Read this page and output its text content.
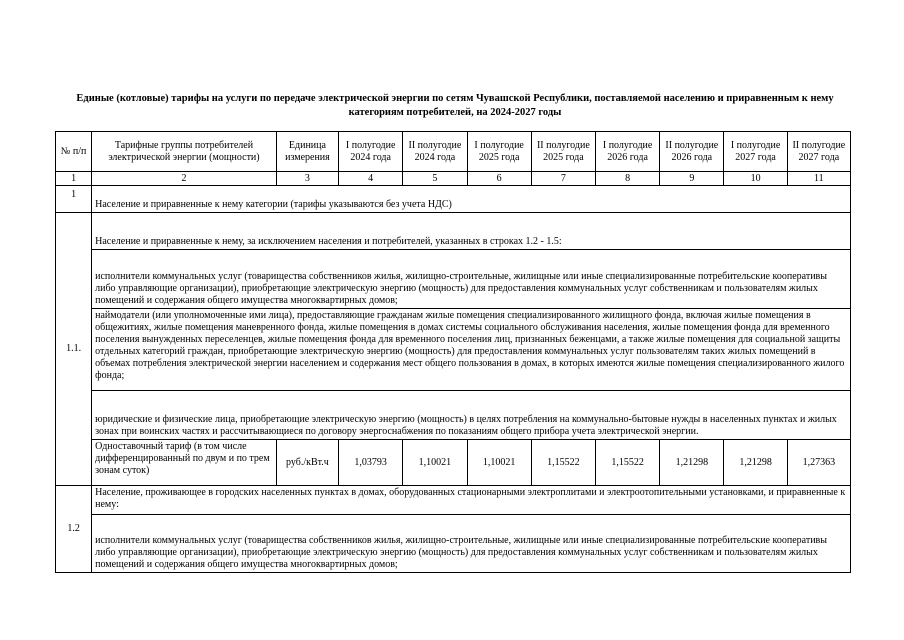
Единые (котловые) тарифы на услуги по передаче электрической энергии по сетям Чувашской Республики, поставляемой населению и приравненным к нему категориям потребителей, на 2024-2027 годы
№ п/п	Тарифные группы потребителей электрической энергии (мощности)	Единица измерения	I полугодие 2024 года	II полугодие 2024 года	I полугодие 2025 года	II полугодие 2025 года	I полугодие 2026 года	II полугодие 2026 года	I полугодие 2027 года	II полугодие 2027 года
1	2	3	4	5	6	7	8	9	10	11
1	Население и приравненные к нему категории (тарифы указываются без учета НДС)									
1.1.	Население и приравненные к нему, за исключением населения и потребителей, указанных в строках 1.2 - 1.5:									
	исполнители коммунальных услуг (товарищества собственников жилья, жилищно-строительные, жилищные или иные специализированные потребительские кооперативы либо управляющие организации), приобретающие электрическую энергию (мощность) для предоставления коммунальных услуг собственникам и пользователям жилых помещений и содержания общего имущества многоквартирных домов;									
	наймодатели (или уполномоченные ими лица), предоставляющие гражданам жилые помещения специализированного жилищного фонда, включая жилые помещения в общежитиях, жилые помещения маневренного фонда, жилые помещения в домах системы социального обслуживания населения, жилые помещения фонда для временного поселения вынужденных переселенцев, жилые помещения фонда для временного поселения лиц, признанных беженцами, а также жилые помещения для социальной защиты отдельных категорий граждан, приобретающие электрическую энергию (мощность) для предоставления коммунальных услуг пользователям таких жилых помещений в объемах потребления электрической энергии населением и содержания мест общего пользования в домах, в которых имеются жилые помещения специализированного жилого фонда;									
	юридические и физические лица, приобретающие электрическую энергию (мощность) в целях потребления на коммунально-бытовые нужды в населенных пунктах и жилых зонах при воинских частях и рассчитывающиеся по договору энергоснабжения по показаниям общего прибора учета электрической энергии.									
	Одноставочный тариф (в том числе дифференцированный по двум и по трем зонам суток)	руб./кВт.ч	1,03793	1,10021	1,10021	1,15522	1,15522	1,21298	1,21298	1,27363
1.2	Население, проживающее в городских населенных пунктах в домах, оборудованных стационарными электроплитами и электроотопительными установками, и приравненные к нему:									
	исполнители коммунальных услуг (товарищества собственников жилья, жилищно-строительные, жилищные или иные специализированные потребительские кооперативы либо управляющие организации), приобретающие электрическую энергию (мощность) для предоставления коммунальных услуг собственникам и пользователям жилых помещений и содержания общего имущества многоквартирных домов;									
